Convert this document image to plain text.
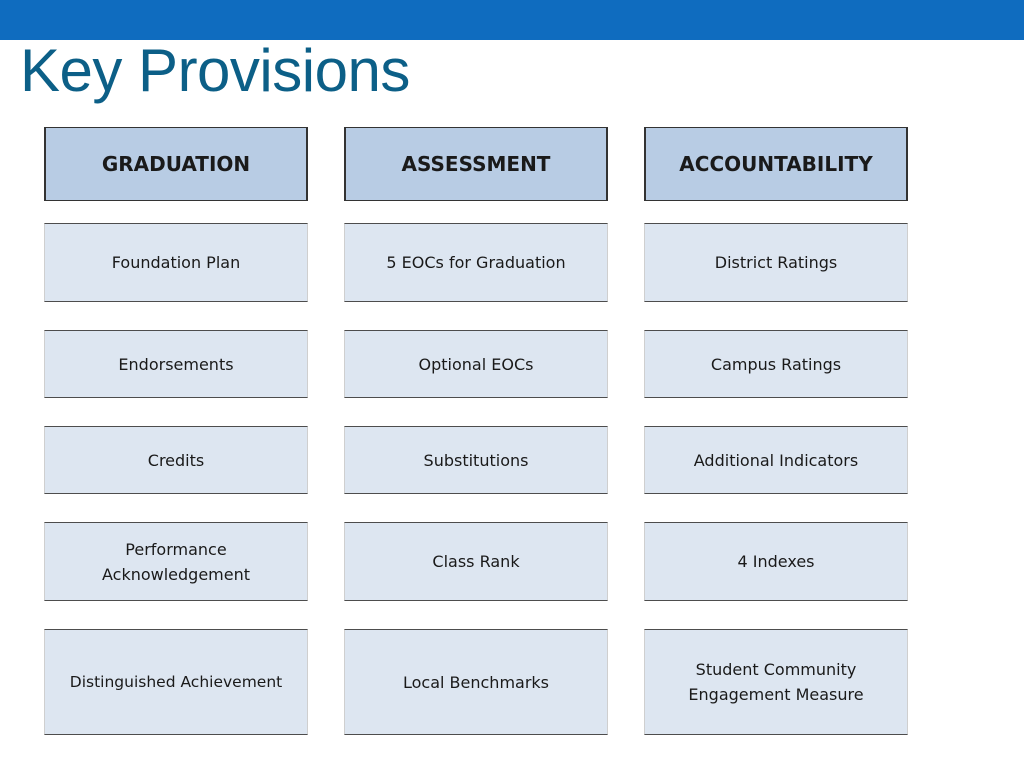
Key Provisions
GRADUATION
Foundation Plan
Endorsements
Credits
Performance Acknowledgement
Distinguished Achievement
ASSESSMENT
5 EOCs for Graduation
Optional EOCs
Substitutions
Class Rank
Local Benchmarks
ACCOUNTABILITY
District Ratings
Campus Ratings
Additional Indicators
4 Indexes
Student Community Engagement Measure
